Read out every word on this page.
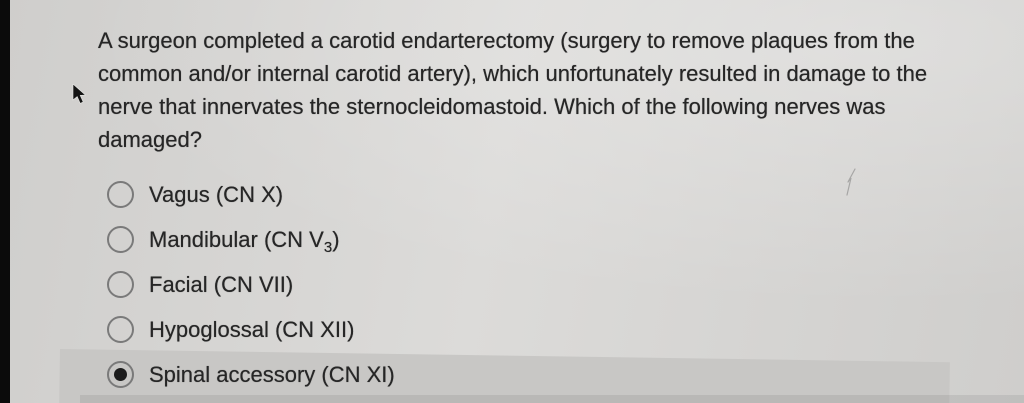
A surgeon completed a carotid endarterectomy (surgery to remove plaques from the common and/or internal carotid artery), which unfortunately resulted in damage to the nerve that innervates the sternocleidomastoid. Which of the following nerves was damaged?
Vagus (CN X)
Mandibular (CN $V_3$)
Facial (CN VII)
Hypoglossal (CN XII)
Spinal accessory (CN XI)
